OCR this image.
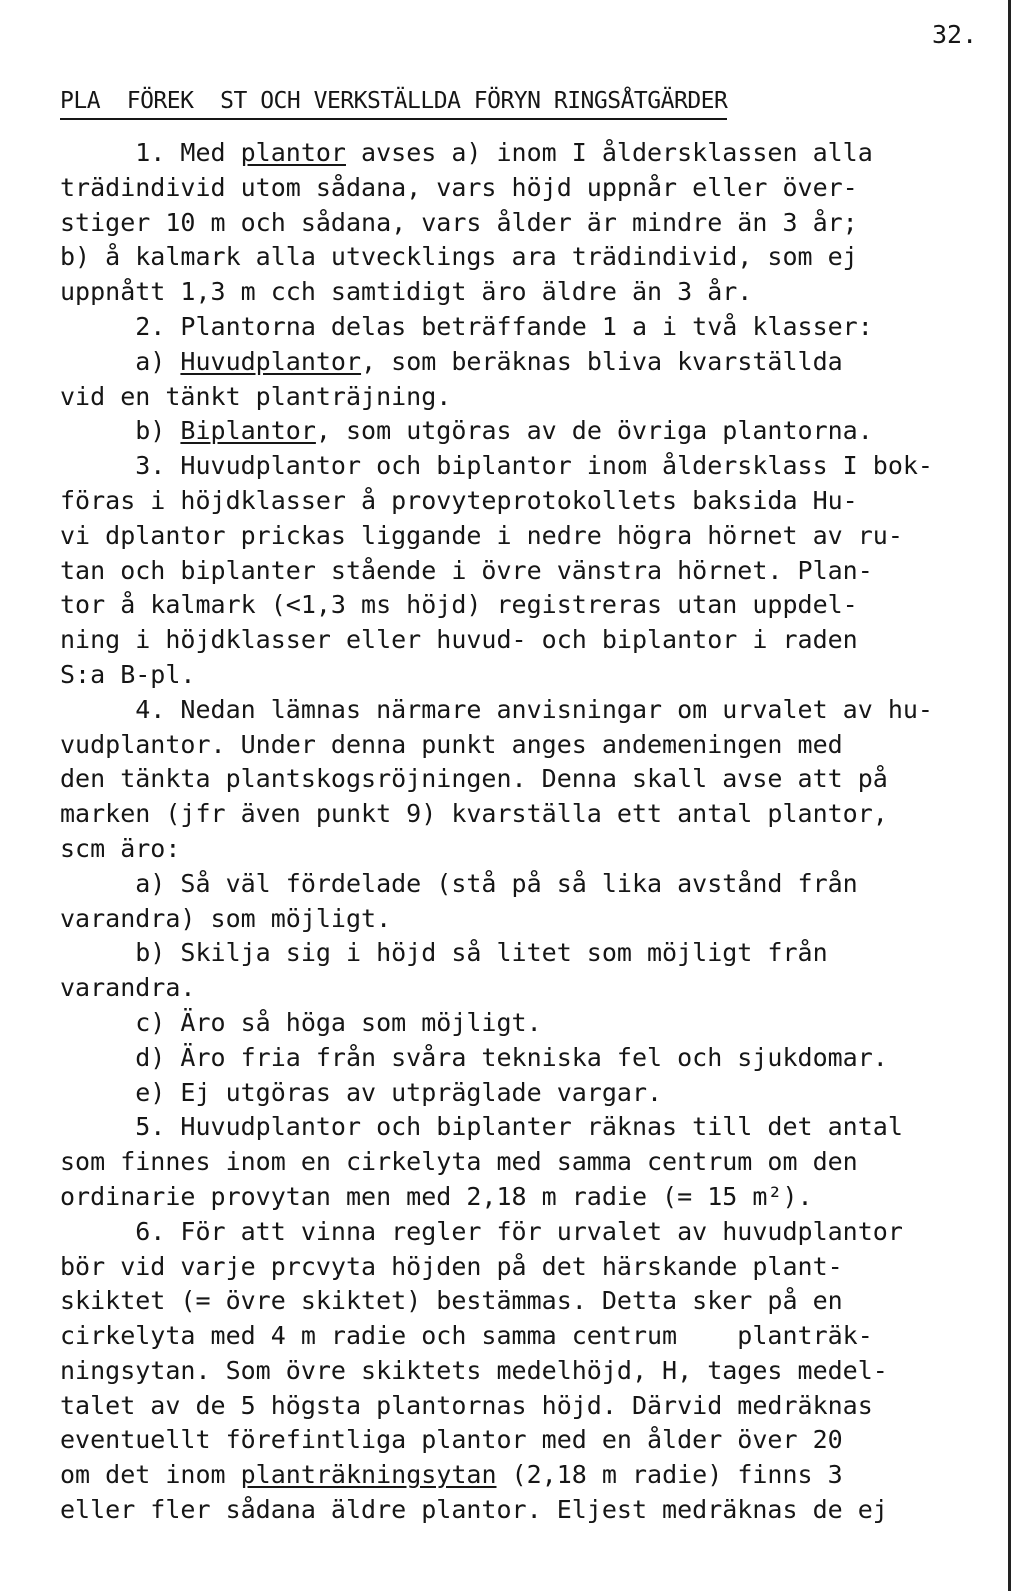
32.
PLA  FÖREK  ST OCH VERKSTÄLLDA FÖRYN RINGSÅTGÄRDER
1. Med plantor avses a) inom I åldersklassen alla
trädindivid utom sådana, vars höjd uppnår eller över-
stiger 10 m och sådana, vars ålder är mindre än 3 år;
b) å kalmark alla utvecklings ara trädindivid, som ej
uppnått 1,3 m cch samtidigt äro äldre än 3 år.
2. Plantorna delas beträffande 1 a i två klasser:
a) Huvudplantor, som beräknas bliva kvarställda
vid en tänkt planträjning.
b) Biplantor, som utgöras av de övriga plantorna.
3. Huvudplantor och biplantor inom åldersklass I bok-
föras i höjdklasser å provyteprotokollets baksida Hu-
vi dplantor prickas liggande i nedre högra hörnet av ru-
tan och biplanter stående i övre vänstra hörnet. Plan-
tor å kalmark (<1,3 ms höjd) registreras utan uppdel-
ning i höjdklasser eller huvud- och biplantor i raden
S:a B-pl.
4. Nedan lämnas närmare anvisningar om urvalet av hu-
vudplantor. Under denna punkt anges andemeningen med
den tänkta plantskogsröjningen. Denna skall avse att på
marken (jfr även punkt 9) kvarställa ett antal plantor,
scm äro:
a) Så väl fördelade (stå på så lika avstånd från
varandra) som möjligt.
b) Skilja sig i höjd så litet som möjligt från
varandra.
c) Äro så höga som möjligt.
d) Äro fria från svåra tekniska fel och sjukdomar.
e) Ej utgöras av utpräglade vargar.
5. Huvudplantor och biplanter räknas till det antal
som finnes inom en cirkelyta med samma centrum om den
ordinarie provytan men med 2,18 m radie (= 15 m²).
6. För att vinna regler för urvalet av huvudplantor
bör vid varje prcvyta höjden på det härskande plant-
skiktet (= övre skiktet) bestämmas. Detta sker på en
cirkelyta med 4 m radie och samma centrum    planträk-
ningsytan. Som övre skiktets medelhöjd, H, tages medel-
talet av de 5 högsta plantornas höjd. Därvid medräknas
eventuellt förefintliga plantor med en ålder över 20
om det inom planträkningsytan (2,18 m radie) finns 3
eller fler sådana äldre plantor. Eljest medräknas de ej
